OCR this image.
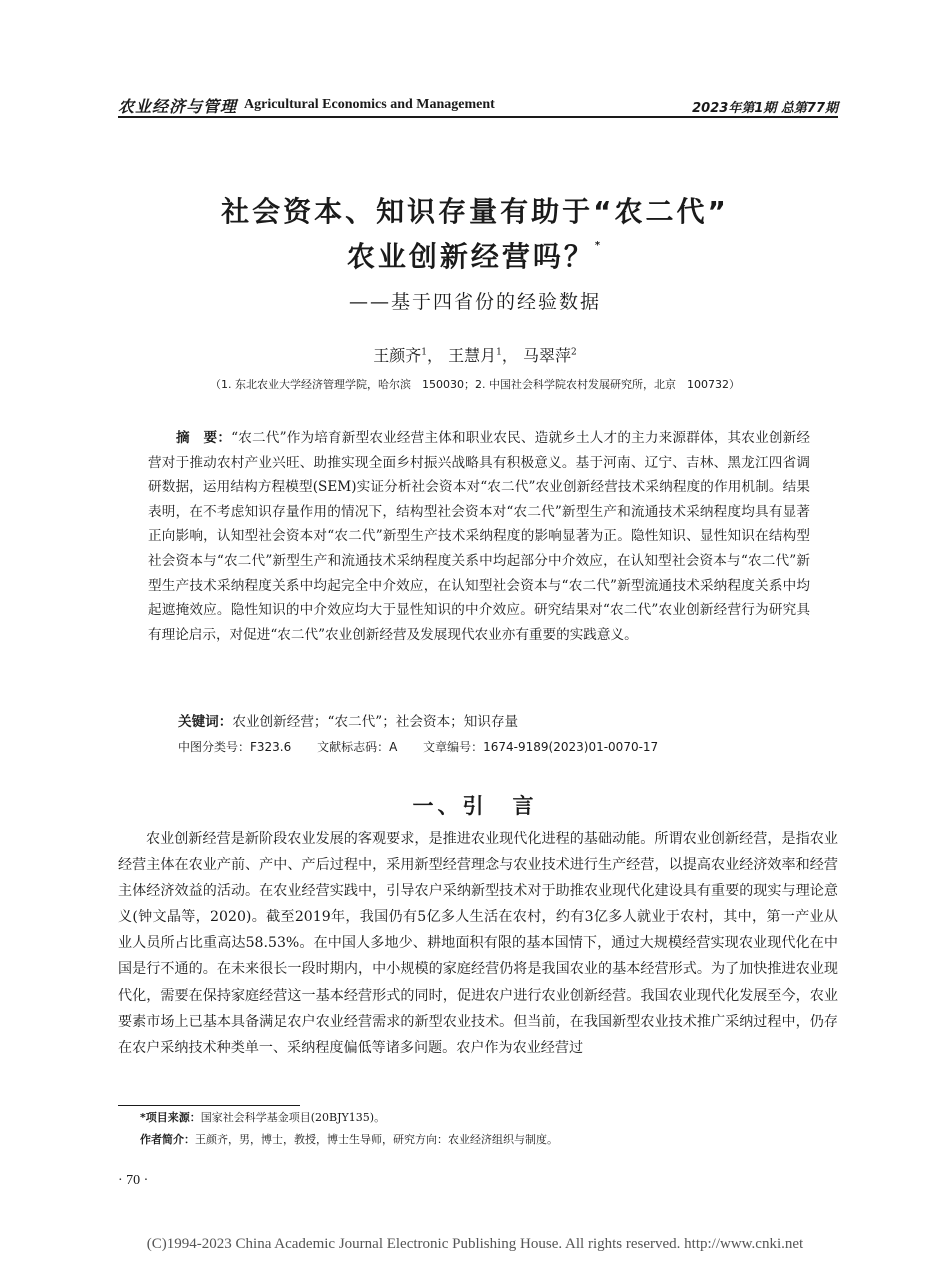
农业经济与管理 Agricultural Economics and Management	2023年第1期 总第77期
社会资本、知识存量有助于“农二代”
农业创新经营吗？*
——基于四省份的经验数据
王颜齐$^1$， 王慧月$^1$， 马翠萍$^2$
（1. 东北农业大学经济管理学院，哈尔滨　150030；2. 中国社会科学院农村发展研究所，北京　100732）
摘　要：“农二代”作为培育新型农业经营主体和职业农民、造就乡土人才的主力来源群体，其农业创新经营对于推动农村产业兴旺、助推实现全面乡村振兴战略具有积极意义。基于河南、辽宁、吉林、黑龙江四省调研数据，运用结构方程模型(SEM)实证分析社会资本对“农二代”农业创新经营技术采纳程度的作用机制。结果表明，在不考虑知识存量作用的情况下，结构型社会资本对“农二代”新型生产和流通技术采纳程度均具有显著正向影响，认知型社会资本对“农二代”新型生产技术采纳程度的影响显著为正。隐性知识、显性知识在结构型社会资本与“农二代”新型生产和流通技术采纳程度关系中均起部分中介效应，在认知型社会资本与“农二代”新型生产技术采纳程度关系中均起完全中介效应，在认知型社会资本与“农二代”新型流通技术采纳程度关系中均起遮掩效应。隐性知识的中介效应均大于显性知识的中介效应。研究结果对“农二代”农业创新经营行为研究具有理论启示，对促进“农二代”农业创新经营及发展现代农业亦有重要的实践意义。
关键词：农业创新经营；“农二代”；社会资本；知识存量
中图分类号：F323.6 文献标志码：A 文章编号：1674-9189(2023)01-0070-17
一、引　言
农业创新经营是新阶段农业发展的客观要求，是推进农业现代化进程的基础动能。所谓农业创新经营，是指农业经营主体在农业产前、产中、产后过程中，采用新型经营理念与农业技术进行生产经营，以提高农业经济效率和经营主体经济效益的活动。在农业经营实践中，引导农户采纳新型技术对于助推农业现代化建设具有重要的现实与理论意义(钟文晶等，2020)。截至2019年，我国仍有5亿多人生活在农村，约有3亿多人就业于农村，其中，第一产业从业人员所占比重高达58.53%。在中国人多地少、耕地面积有限的基本国情下，通过大规模经营实现农业现代化在中国是行不通的。在未来很长一段时期内，中小规模的家庭经营仍将是我国农业的基本经营形式。为了加快推进农业现代化，需要在保持家庭经营这一基本经营形式的同时，促进农户进行农业创新经营。我国农业现代化发展至今，农业要素市场上已基本具备满足农户农业经营需求的新型农业技术。但当前，在我国新型农业技术推广采纳过程中，仍存在农户采纳技术种类单一、采纳程度偏低等诸多问题。农户作为农业经营过
*项目来源：国家社会科学基金项目(20BJY135)。
作者简介：王颜齐，男，博士，教授，博士生导师，研究方向：农业经济组织与制度。
· 70 ·
(C)1994-2023 China Academic Journal Electronic Publishing House. All rights reserved. http://www.cnki.net
